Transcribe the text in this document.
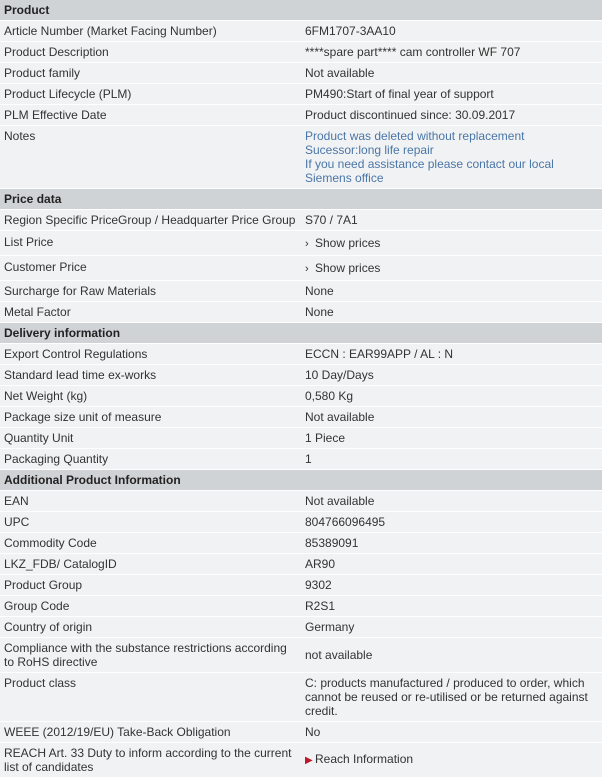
Product	
Article Number (Market Facing Number)	6FM1707-3AA10
Product Description	****spare part**** cam controller WF 707
Product family	Not available
Product Lifecycle (PLM)	PM490:Start of final year of support
PLM Effective Date	Product discontinued since: 30.09.2017
Notes	Product was deleted without replacement
Sucessor:long life repair
If you need assistance please contact our local
Siemens office

Price data	
Region Specific PriceGroup / Headquarter Price Group	S70 / 7A1
List Price	› Show prices
Customer Price	› Show prices
Surcharge for Raw Materials	None
Metal Factor	None
Delivery information	
Export Control Regulations	ECCN : EAR99APP / AL : N
Standard lead time ex-works	10 Day/Days
Net Weight (kg)	0,580 Kg
Package size unit of measure	Not available
Quantity Unit	1 Piece
Packaging Quantity	1
Additional Product Information	
EAN	Not available
UPC	804766096495
Commodity Code	85389091
LKZ_FDB/ CatalogID	AR90
Product Group	9302
Group Code	R2S1
Country of origin	Germany
Compliance with the substance restrictions according to RoHS directive	not available
Product class	C: products manufactured / produced to order, which cannot be reused or re-utilised or be returned against credit.
WEEE (2012/19/EU) Take-Back Obligation	No
REACH Art. 33 Duty to inform according to the current list of candidates	▶ Reach Information
